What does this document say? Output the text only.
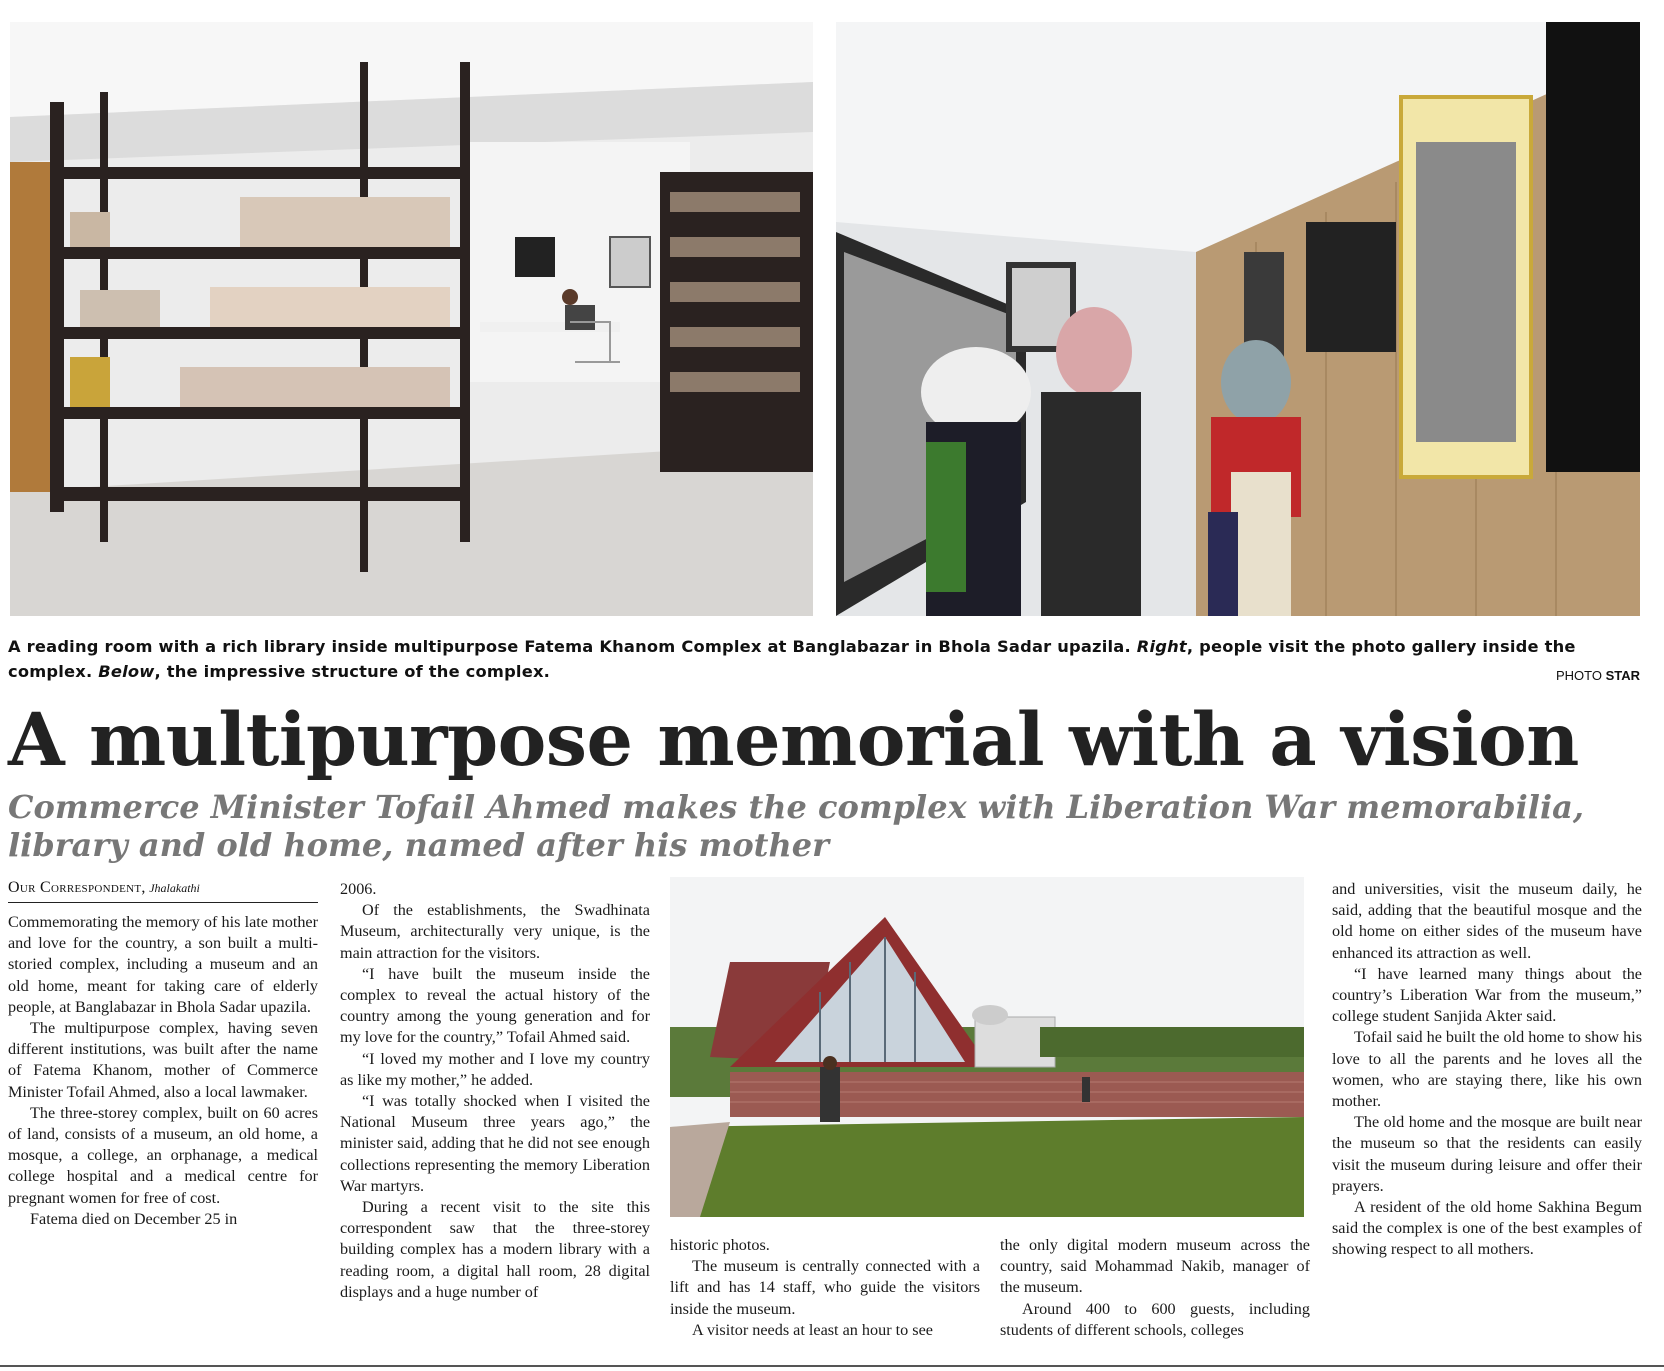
A reading room with a rich library inside multipurpose Fatema Khanom Complex at Banglabazar in Bhola Sadar upazila. Right, people visit the photo gallery inside the complex. Below, the impressive structure of the complex.	PHOTO STAR
A multipurpose memorial with a vision
Commerce Minister Tofail Ahmed makes the complex with Liberation War memorabilia, library and old home, named after his mother
Our Correspondent, Jhalakathi

Commemorating the memory of his late mother and love for the country, a son built a multi-storied complex, including a museum and an old home, meant for taking care of elderly people, at Banglabazar in Bhola Sadar upazila.

The multipurpose complex, having seven different institutions, was built after the name of Fatema Khanom, mother of Commerce Minister Tofail Ahmed, also a local lawmaker.

The three-storey complex, built on 60 acres of land, consists of a museum, an old home, a mosque, a college, an orphanage, a medical college hospital and a medical centre for pregnant women for free of cost.

Fatema died on December 25 in

2006.

Of the establishments, the Swadhinata Museum, architecturally very unique, is the main attraction for the visitors.

“I have built the museum inside the complex to reveal the actual history of the country among the young generation and for my love for the country,” Tofail Ahmed said.

“I loved my mother and I love my country as like my mother,” he added.

“I was totally shocked when I visited the National Museum three years ago,” the minister said, adding that he did not see enough collections representing the memory Liberation War martyrs.

During a recent visit to the site this correspondent saw that the three-storey building complex has a modern library with a reading room, a digital hall room, 28 digital displays and a huge number of

historic photos.

The museum is centrally connected with a lift and has 14 staff, who guide the visitors inside the museum.

A visitor needs at least an hour to see

the only digital modern museum across the country, said Mohammad Nakib, manager of the museum.

Around 400 to 600 guests, including students of different schools, colleges

and universities, visit the museum daily, he said, adding that the beautiful mosque and the old home on either sides of the museum have enhanced its attraction as well.

“I have learned many things about the country’s Liberation War from the museum,” college student Sanjida Akter said.

Tofail said he built the old home to show his love to all the parents and he loves all the women, who are staying there, like his own mother.

The old home and the mosque are built near the museum so that the residents can easily visit the museum during leisure and offer their prayers.

A resident of the old home Sakhina Begum said the complex is one of the best examples of showing respect to all mothers.
